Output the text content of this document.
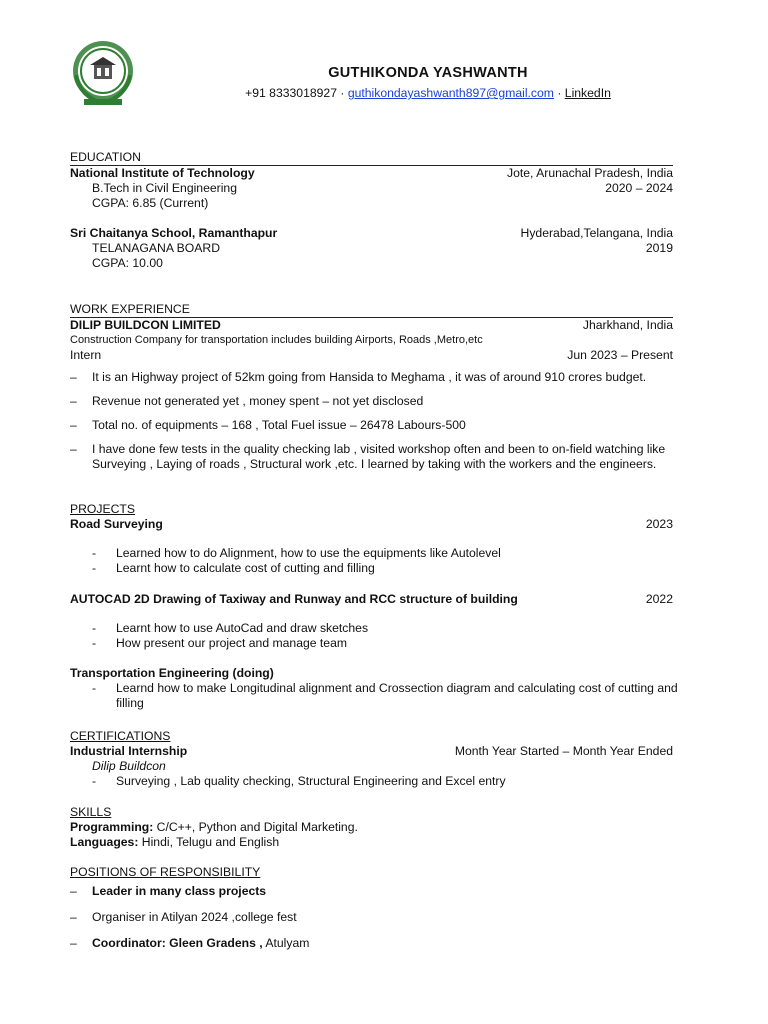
GUTHIKONDA YASHWANTH
+91 8333018927 · guthikondayashwanth897@gmail.com · LinkedIn
EDUCATION
National Institute of Technology	Jote, Arunachal Pradesh, India
B.Tech in Civil Engineering	2020 – 2024
CGPA: 6.85 (Current)
Sri Chaitanya School, Ramanthapur	Hyderabad,Telangana, India
TELANAGANA BOARD	2019
CGPA: 10.00
WORK EXPERIENCE
DILIP BUILDCON LIMITED	Jharkhand, India
Construction Company for transportation includes building Airports, Roads ,Metro,etc
Intern	Jun 2023 – Present
– It is an Highway project of 52km going from Hansida to Meghama , it was of around 910 crores budget.
– Revenue not generated yet , money spent – not yet disclosed
– Total no. of equipments – 168 , Total Fuel issue – 26478 Labours-500
– I have done few tests in the quality checking lab , visited workshop often and been to on-field watching like Surveying , Laying of roads , Structural work ,etc. I learned by taking with the workers and the engineers.
PROJECTS
Road Surveying	2023
- Learned how to do Alignment, how to use the equipments like Autolevel
- Learnt how to calculate cost of cutting and filling
AUTOCAD 2D Drawing of Taxiway and Runway and RCC structure of building	2022
- Learnt how to use AutoCad and draw sketches
- How present our project and manage team
Transportation Engineering (doing)
- Learnd how to make Longitudinal alignment and Crossection diagram and calculating cost of cutting and filling
CERTIFICATIONS
Industrial Internship	Month Year Started – Month Year Ended
Dilip Buildcon
- Surveying , Lab quality checking, Structural Engineering and Excel entry
SKILLS
Programming: C/C++, Python and Digital Marketing.
Languages: Hindi, Telugu and English
POSITIONS OF RESPONSIBILITY
– Leader in many class projects
– Organiser in Atilyan 2024 ,college fest
– Coordinator: Gleen Gradens , Atulyam
